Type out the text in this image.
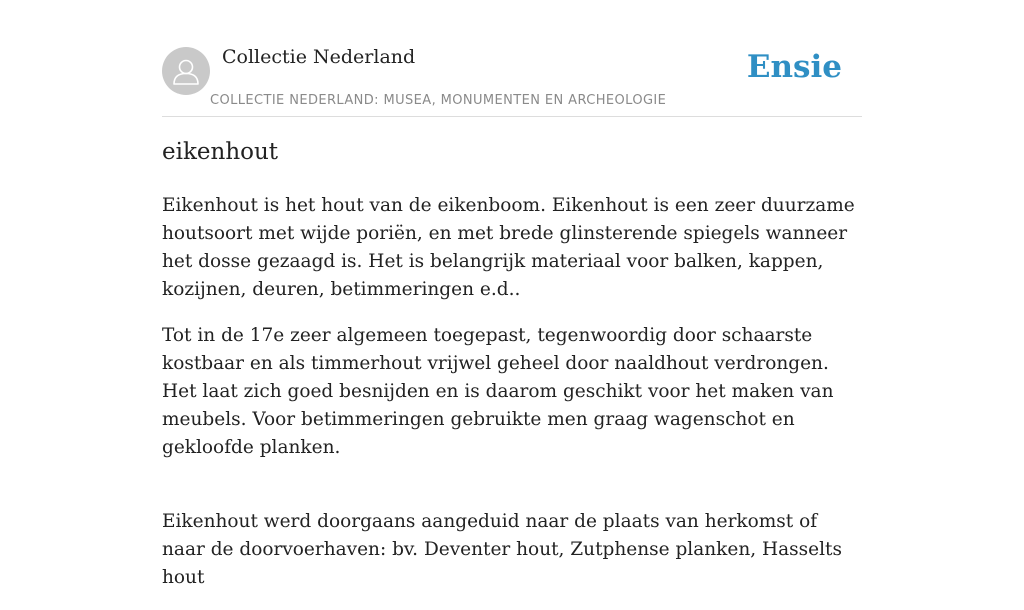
Collectie Nederland
COLLECTIE NEDERLAND: MUSEA, MONUMENTEN EN ARCHEOLOGIE
Ensie
eikenhout

Eikenhout is het hout van de eikenboom. Eikenhout is een zeer duurzame houtsoort met wijde poriën, en met brede glinsterende spiegels wanneer het dosse gezaagd is. Het is belangrijk materiaal voor balken, kappen, kozijnen, deuren, betimmeringen e.d..

Tot in de 17e zeer algemeen toegepast, tegenwoordig door schaarste kostbaar en als timmerhout vrijwel geheel door naaldhout verdrongen. Het laat zich goed besnijden en is daarom geschikt voor het maken van meubels. Voor betimmeringen gebruikte men graag wagenschot en gekloofde planken.

Eikenhout werd doorgaans aangeduid naar de plaats van herkomst of naar de doorvoerhaven: bv. Deventer hout, Zutphense planken, Hasselts hout
